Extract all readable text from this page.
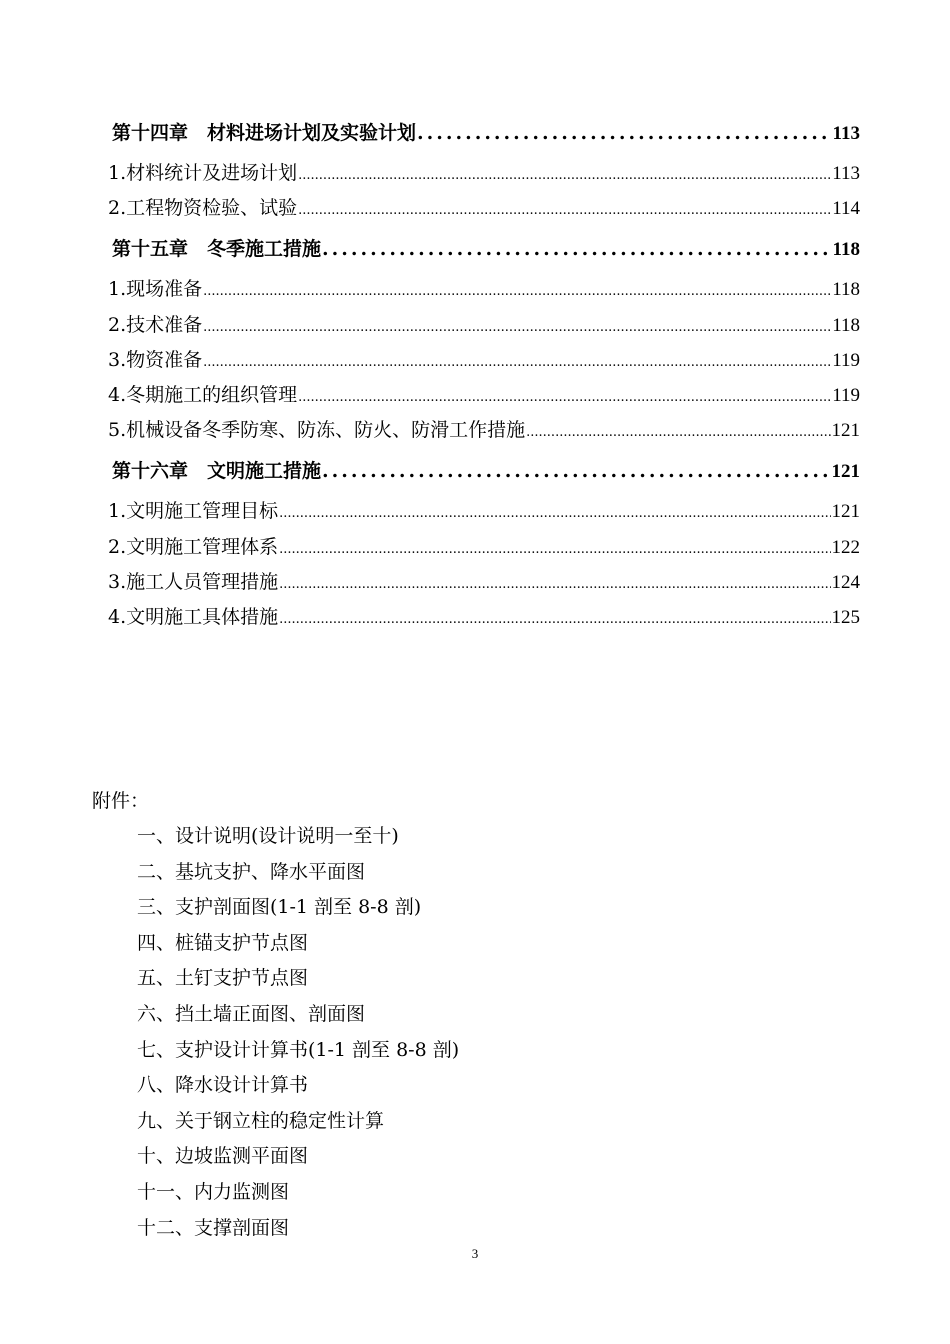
第十四章　材料进场计划及实验计划 .....	113
1.材料统计及进场计划 .....	113
2.工程物资检验、试验 .....	114
第十五章　冬季施工措施 .....	118
1.现场准备 .....	118
2.技术准备 .....	118
3.物资准备 .....	119
4.冬期施工的组织管理 .....	119
5.机械设备冬季防寒、防冻、防火、防滑工作措施 .....	121
第十六章　文明施工措施 .....	121
1.文明施工管理目标 .....	121
2.文明施工管理体系 .....	122
3.施工人员管理措施 .....	124
4.文明施工具体措施 .....	125
附件：
一、设计说明(设计说明一至十)
二、基坑支护、降水平面图
三、支护剖面图(1-1 剖至 8-8 剖)
四、桩锚支护节点图
五、土钉支护节点图
六、挡土墙正面图、剖面图
七、支护设计计算书(1-1 剖至 8-8 剖)
八、降水设计计算书
九、关于钢立柱的稳定性计算
十、边坡监测平面图
十一、内力监测图
十二、支撑剖面图
3
